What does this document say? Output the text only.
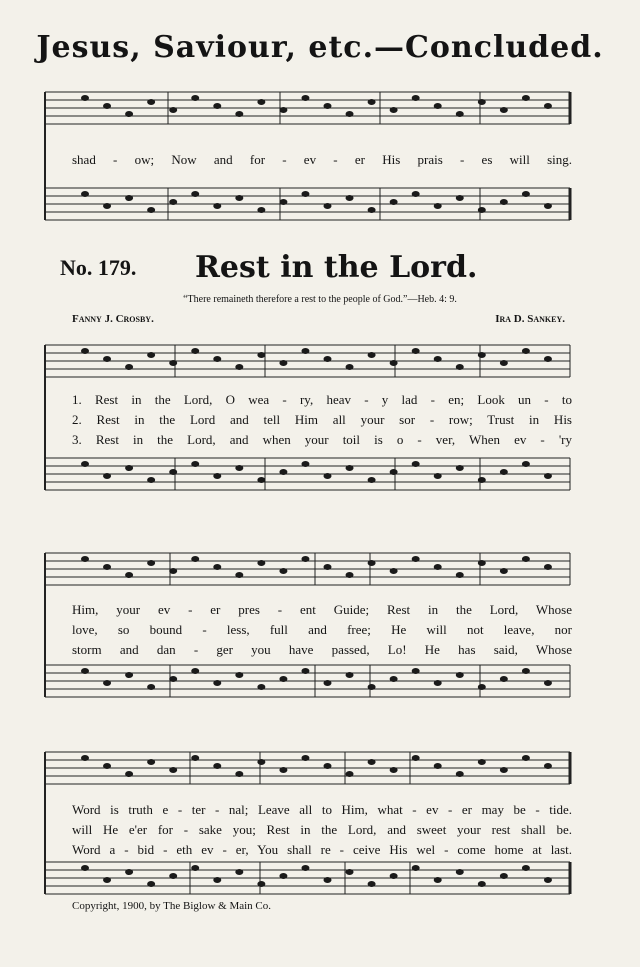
Jesus, Saviour, etc.—Concluded.
shad - ow; Now and for - ev - er His prais - es will sing.
No. 179. Rest in the Lord.
“There remaineth therefore a rest to the people of God.”—Heb. 4: 9.
Fanny J. Crosby.	Ira D. Sankey.
1. Rest in the Lord, O wea - ry, heav - y lad - en; Look un - to
2. Rest in the Lord and tell Him all your sor - row; Trust in His
3. Rest in the Lord, and when your toil is o - ver, When ev - 'ry
Him, your ev - er pres - ent Guide; Rest in the Lord, Whose
love, so bound - less, full and free; He will not leave, nor
storm and dan - ger you have passed, Lo! He has said, Whose
Word is truth e - ter - nal; Leave all to Him, what - ev - er may be - tide.
will He e'er for - sake you; Rest in the Lord, and sweet your rest shall be.
Word a - bid - eth ev - er, You shall re - ceive His wel - come home at last.
Copyright, 1900, by The Biglow & Main Co.
